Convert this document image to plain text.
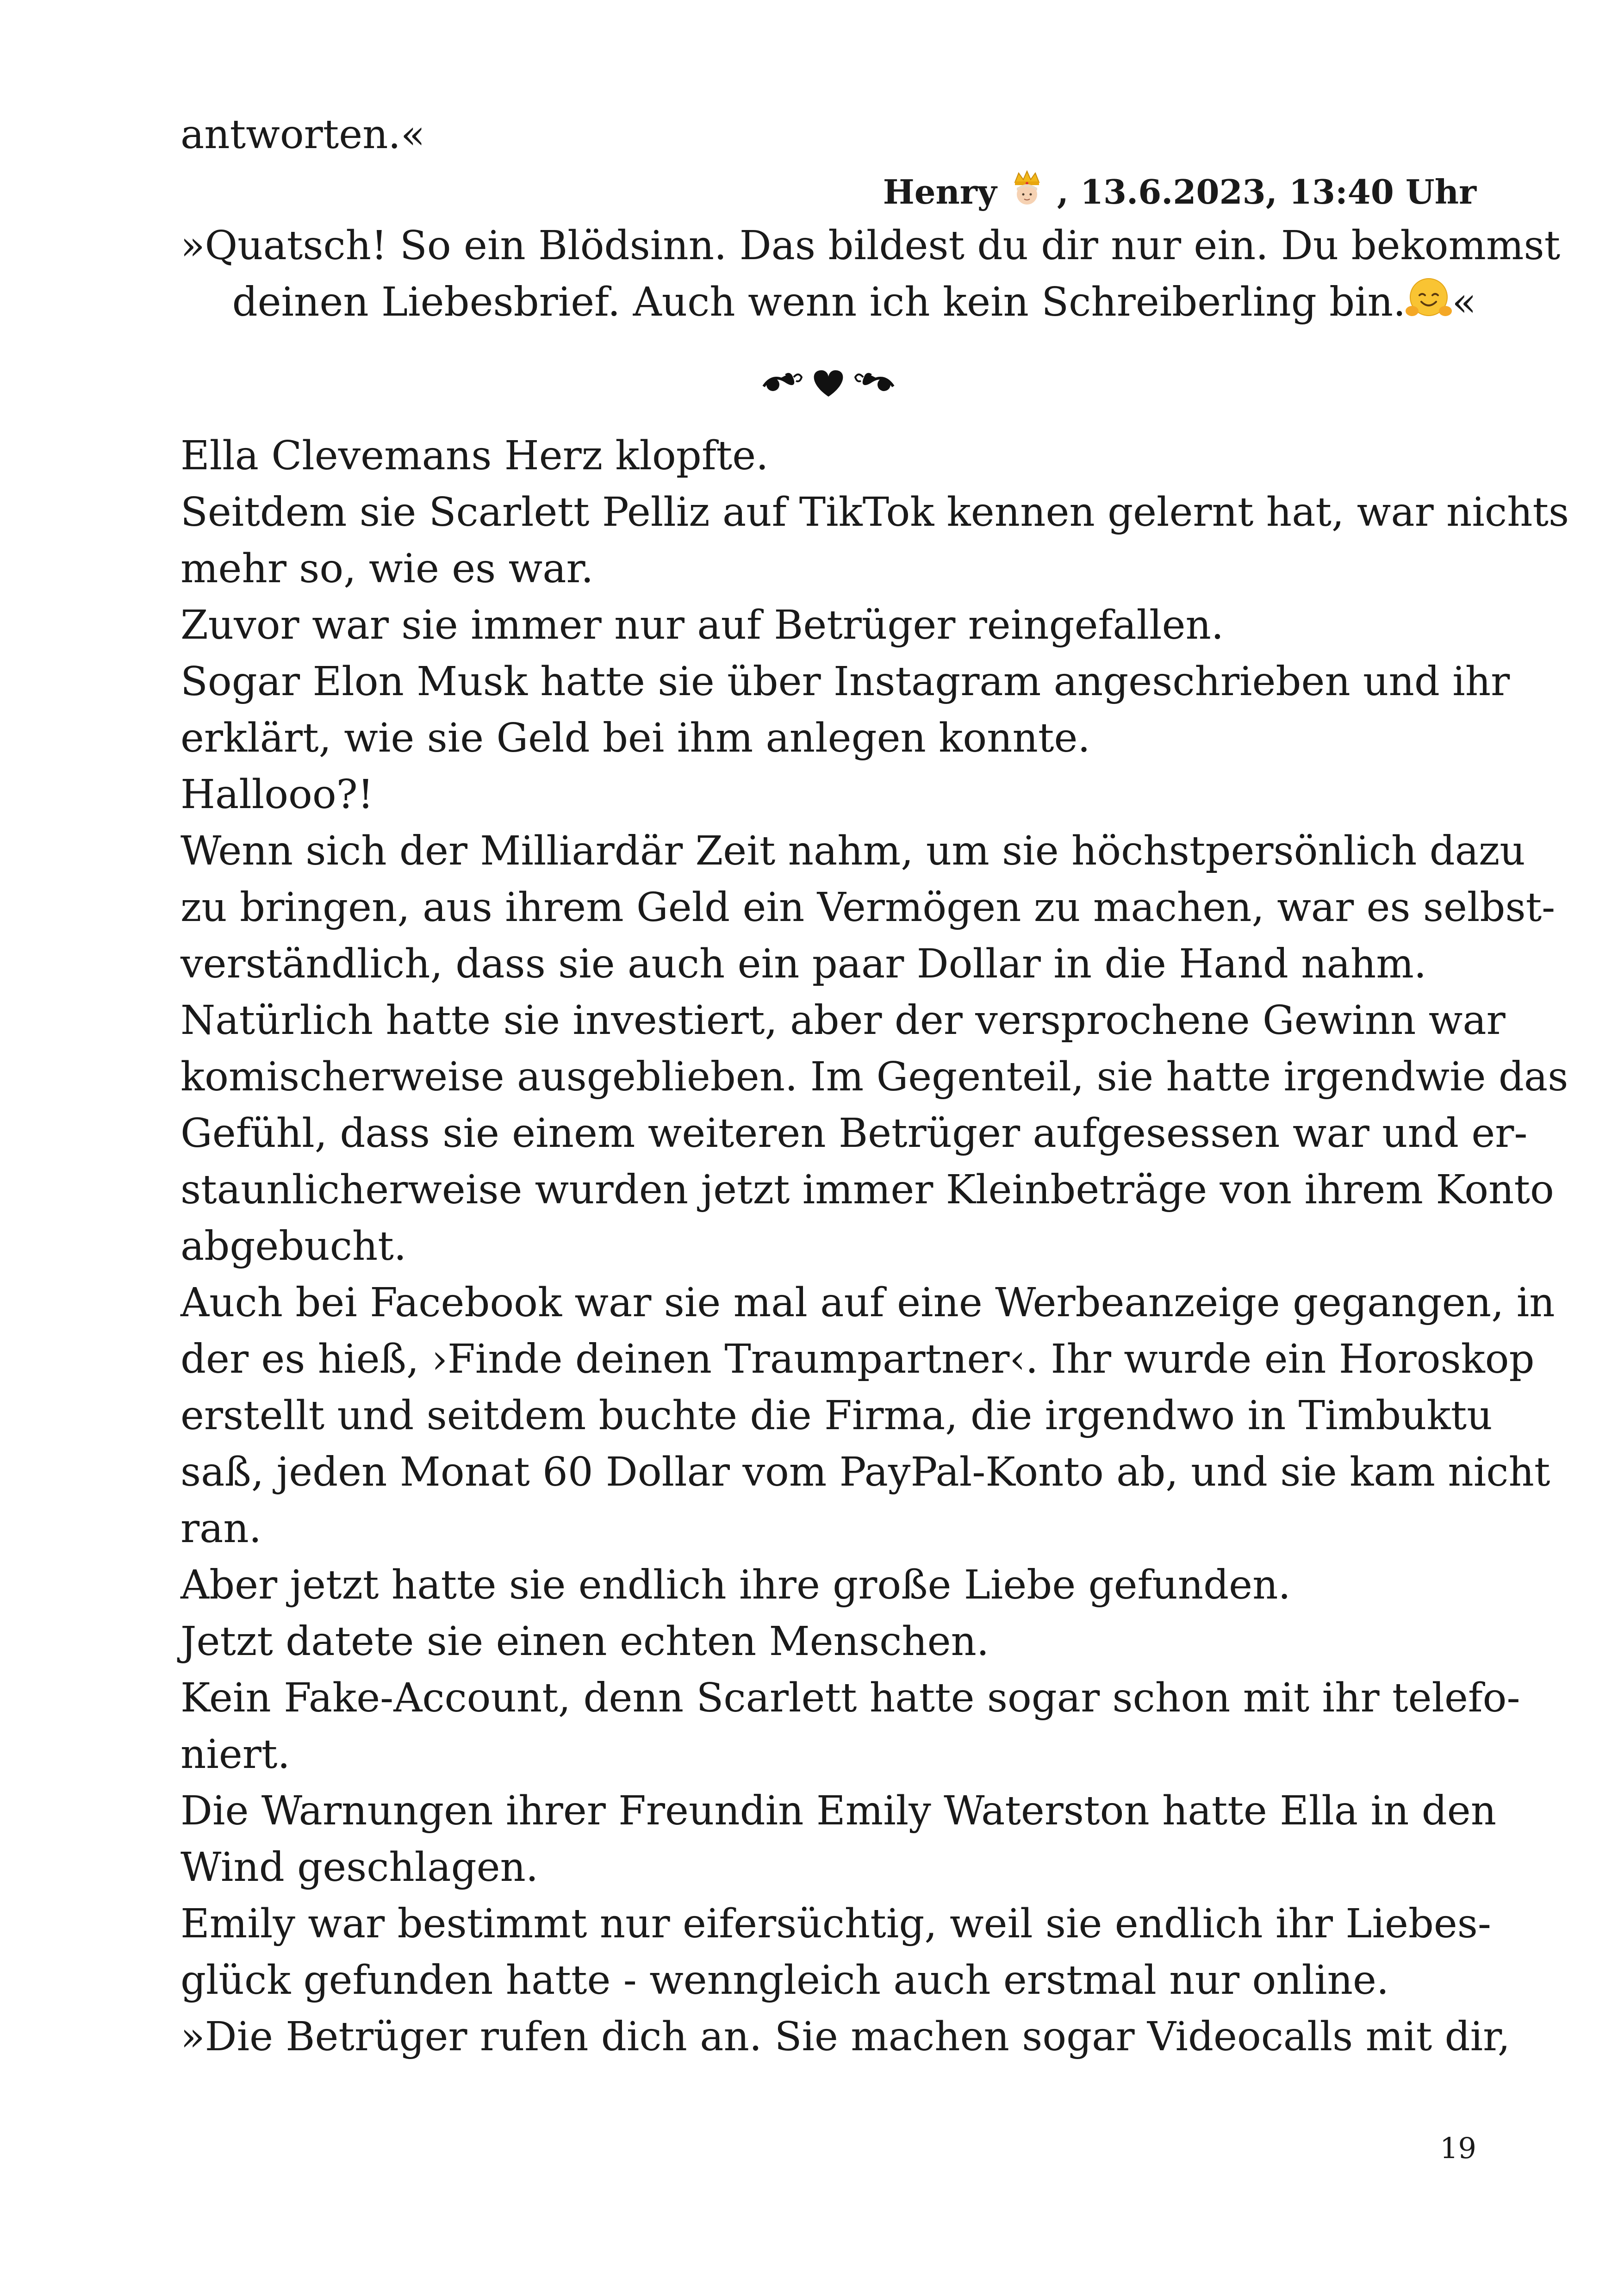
antworten.«
Henry , 13.6.2023, 13:40 Uhr
»Quatsch! So ein Blödsinn. Das bildest du dir nur ein. Du bekommst
deinen Liebesbrief. Auch wenn ich kein Schreiberling bin. «
Ella Clevemans Herz klopfte.
Seitdem sie Scarlett Pelliz auf TikTok kennen gelernt hat, war nichts
mehr so, wie es war.
Zuvor war sie immer nur auf Betrüger reingefallen.
Sogar Elon Musk hatte sie über Instagram angeschrieben und ihr
erklärt, wie sie Geld bei ihm anlegen konnte.
Hallooo?!
Wenn sich der Milliardär Zeit nahm, um sie höchstpersönlich dazu
zu bringen, aus ihrem Geld ein Vermögen zu machen, war es selbst-
verständlich, dass sie auch ein paar Dollar in die Hand nahm.
Natürlich hatte sie investiert, aber der versprochene Gewinn war
komischerweise ausgeblieben. Im Gegenteil, sie hatte irgendwie das
Gefühl, dass sie einem weiteren Betrüger aufgesessen war und er-
staunlicherweise wurden jetzt immer Kleinbeträge von ihrem Konto
abgebucht.
Auch bei Facebook war sie mal auf eine Werbeanzeige gegangen, in
der es hieß, ›Finde deinen Traumpartner‹. Ihr wurde ein Horoskop
erstellt und seitdem buchte die Firma, die irgendwo in Timbuktu
saß, jeden Monat 60 Dollar vom PayPal-Konto ab, und sie kam nicht
ran.
Aber jetzt hatte sie endlich ihre große Liebe gefunden.
Jetzt datete sie einen echten Menschen.
Kein Fake-Account, denn Scarlett hatte sogar schon mit ihr telefo-
niert.
Die Warnungen ihrer Freundin Emily Waterston hatte Ella in den
Wind geschlagen.
Emily war bestimmt nur eifersüchtig, weil sie endlich ihr Liebes-
glück gefunden hatte - wenngleich auch erstmal nur online.
»Die Betrüger rufen dich an. Sie machen sogar Videocalls mit dir,
19
